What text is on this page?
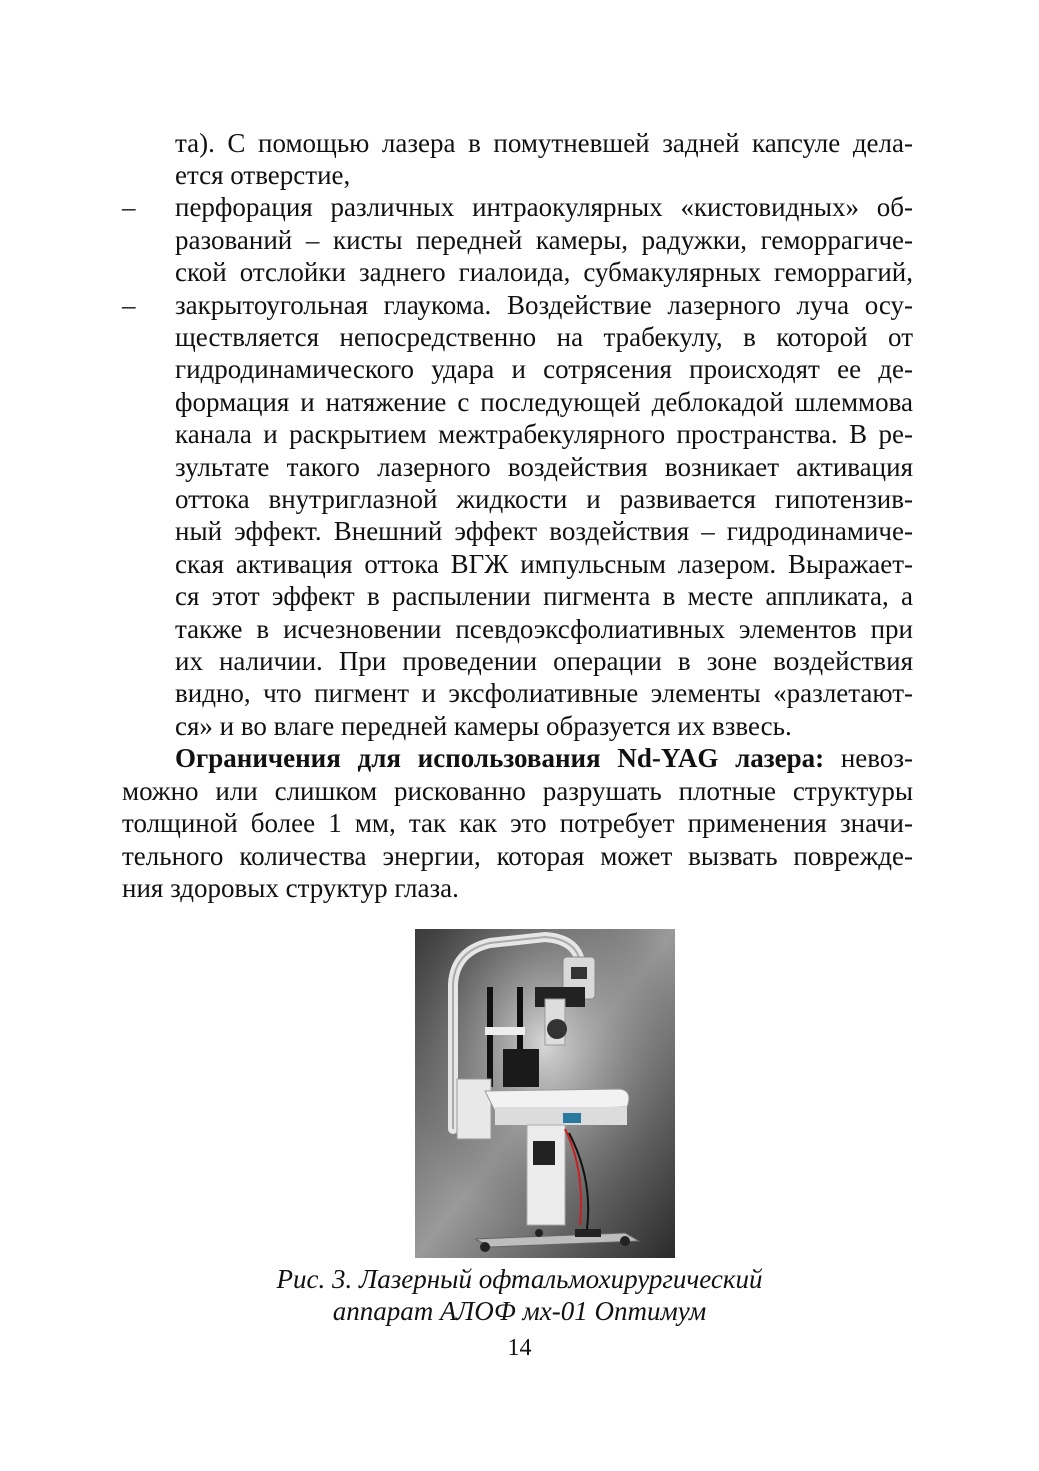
та). С помощью лазера в помутневшей задней капсуле дела-
ется отверстие,
– перфорация различных интраокулярных «кистовидных» об-
разований – кисты передней камеры, радужки, геморрагиче-
ской отслойки заднего гиалоида, субмакулярных геморрагий,
– закрытоугольная глаукома. Воздействие лазерного луча осу-
ществляется непосредственно на трабекулу, в которой от
гидродинамического удара и сотрясения происходят ее де-
формация и натяжение с последующей деблокадой шлеммова
канала и раскрытием межтрабекулярного пространства. В ре-
зультате такого лазерного воздействия возникает активация
оттока внутриглазной жидкости и развивается гипотензив-
ный эффект. Внешний эффект воздействия – гидродинамиче-
ская активация оттока ВГЖ импульсным лазером. Выражает-
ся этот эффект в распылении пигмента в месте аппликата, а
также в исчезновении псевдоэксфолиативных элементов при
их наличии. При проведении операции в зоне воздействия
видно, что пигмент и эксфолиативные элементы «разлетают-
ся» и во влаге передней камеры образуется их взвесь.
Ограничения для использования Nd-YAG лазера: невоз-
можно или слишком рискованно разрушать плотные структуры
толщиной более 1 мм, так как это потребует применения значи-
тельного количества энергии, которая может вызвать поврежде-
ния здоровых структур глаза.
Рис. 3. Лазерный офтальмохирургический
аппарат АЛОФ мх-01 Оптимум
14
